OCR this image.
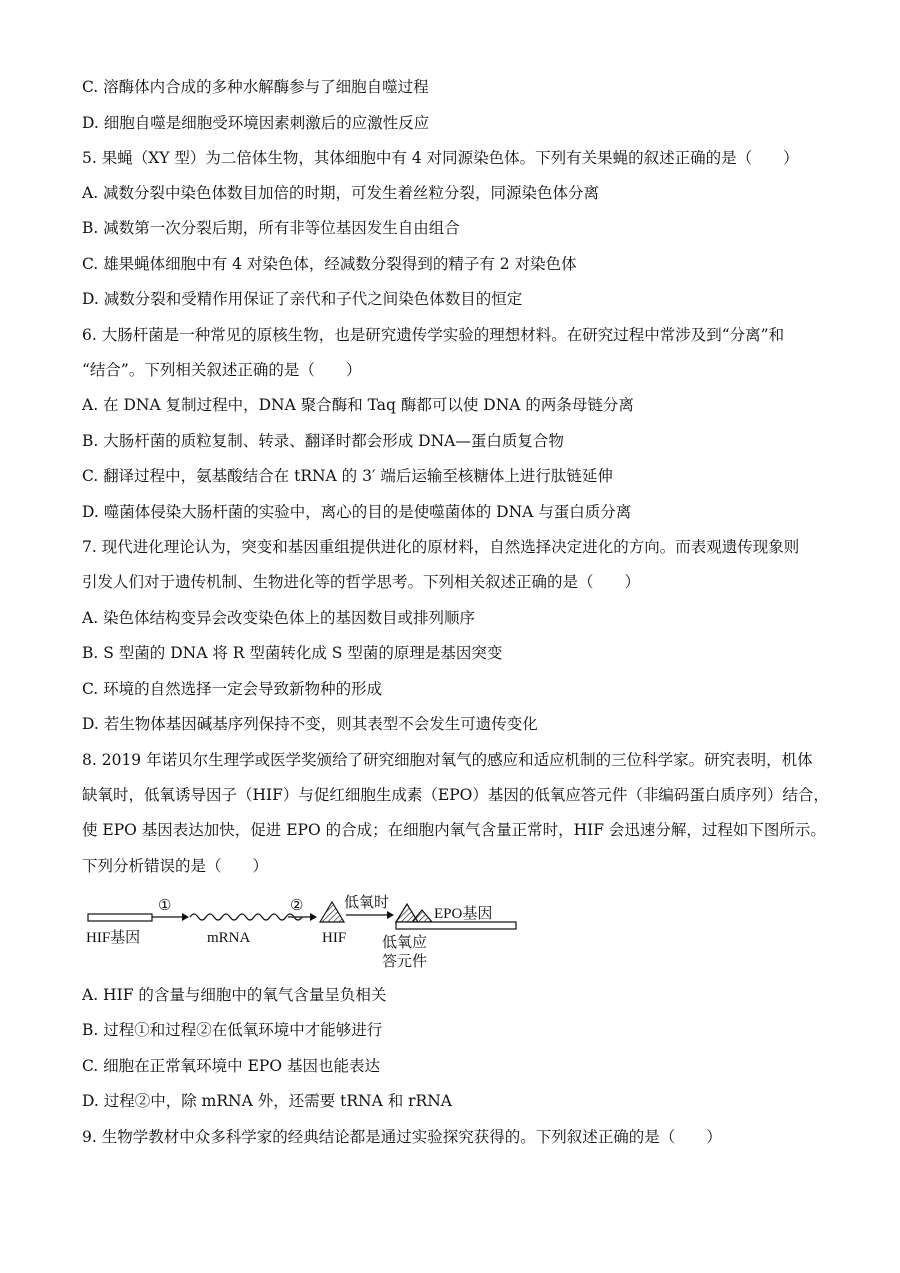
C. 溶酶体内合成的多种水解酶参与了细胞自噬过程
D. 细胞自噬是细胞受环境因素刺激后的应激性反应
5. 果蝇（XY 型）为二倍体生物，其体细胞中有 4 对同源染色体。下列有关果蝇的叙述正确的是（　　）
A. 减数分裂中染色体数目加倍的时期，可发生着丝粒分裂，同源染色体分离
B. 减数第一次分裂后期，所有非等位基因发生自由组合
C. 雄果蝇体细胞中有 4 对染色体，经减数分裂得到的精子有 2 对染色体
D. 减数分裂和受精作用保证了亲代和子代之间染色体数目的恒定
6. 大肠杆菌是一种常见的原核生物，也是研究遗传学实验的理想材料。在研究过程中常涉及到“分离”和
“结合”。下列相关叙述正确的是（　　）
A. 在 DNA 复制过程中，DNA 聚合酶和 Taq 酶都可以使 DNA 的两条母链分离
B. 大肠杆菌的质粒复制、转录、翻译时都会形成 DNA—蛋白质复合物
C. 翻译过程中，氨基酸结合在 tRNA 的 3′ 端后运输至核糖体上进行肽链延伸
D. 噬菌体侵染大肠杆菌的实验中，离心的目的是使噬菌体的 DNA 与蛋白质分离
7. 现代进化理论认为，突变和基因重组提供进化的原材料，自然选择决定进化的方向。而表观遗传现象则
引发人们对于遗传机制、生物进化等的哲学思考。下列相关叙述正确的是（　　）
A. 染色体结构变异会改变染色体上的基因数目或排列顺序
B. S 型菌的 DNA 将 R 型菌转化成 S 型菌的原理是基因突变
C. 环境的自然选择一定会导致新物种的形成
D. 若生物体基因碱基序列保持不变，则其表型不会发生可遗传变化
8. 2019 年诺贝尔生理学或医学奖颁给了研究细胞对氧气的感应和适应机制的三位科学家。研究表明，机体
缺氧时，低氧诱导因子（HIF）与促红细胞生成素（EPO）基因的低氧应答元件（非编码蛋白质序列）结合，
使 EPO 基因表达加快，促进 EPO 的合成；在细胞内氧气含量正常时，HIF 会迅速分解，过程如下图所示。
下列分析错误的是（　　）
HIF基因
①
mRNA
②
HIF
低氧时
EPO基因
低氧应
答元件
A. HIF 的含量与细胞中的氧气含量呈负相关
B. 过程①和过程②在低氧环境中才能够进行
C. 细胞在正常氧环境中 EPO 基因也能表达
D. 过程②中，除 mRNA 外，还需要 tRNA 和 rRNA
9. 生物学教材中众多科学家的经典结论都是通过实验探究获得的。下列叙述正确的是（　　）
